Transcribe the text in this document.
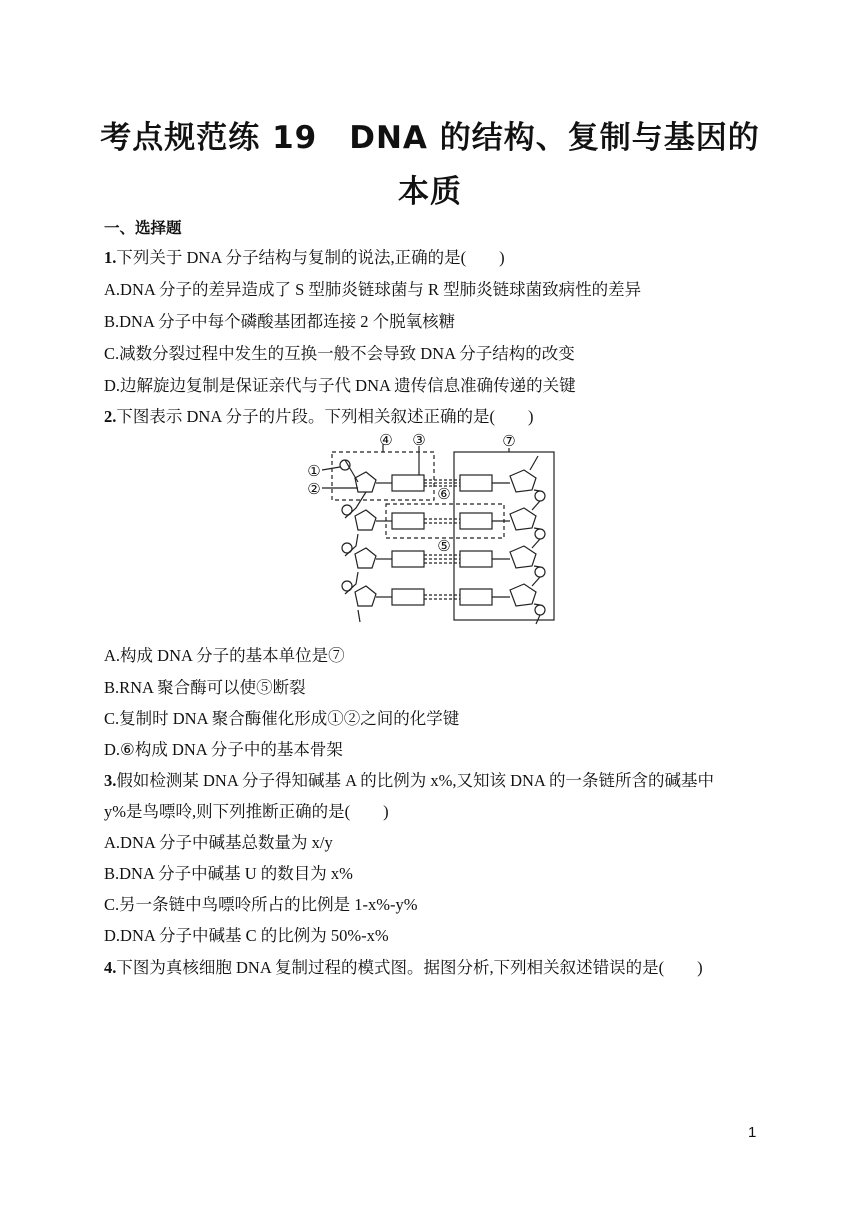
考点规范练 19　DNA 的结构、复制与基因的
本质
一、选择题
1.下列关于 DNA 分子结构与复制的说法,正确的是(　　)
A.DNA 分子的差异造成了 S 型肺炎链球菌与 R 型肺炎链球菌致病性的差异
B.DNA 分子中每个磷酸基团都连接 2 个脱氧核糖
C.减数分裂过程中发生的互换一般不会导致 DNA 分子结构的改变
D.边解旋边复制是保证亲代与子代 DNA 遗传信息准确传递的关键
2.下图表示 DNA 分子的片段。下列相关叙述正确的是(　　)
①
②
③
④
⑤
⑥
⑦
A.构成 DNA 分子的基本单位是⑦
B.RNA 聚合酶可以使⑤断裂
C.复制时 DNA 聚合酶催化形成①②之间的化学键
D.⑥构成 DNA 分子中的基本骨架
3.假如检测某 DNA 分子得知碱基 A 的比例为 x%,又知该 DNA 的一条链所含的碱基中
y%是鸟嘌呤,则下列推断正确的是(　　)
A.DNA 分子中碱基总数量为 x/y
B.DNA 分子中碱基 U 的数目为 x%
C.另一条链中鸟嘌呤所占的比例是 1-x%-y%
D.DNA 分子中碱基 C 的比例为 50%-x%
4.下图为真核细胞 DNA 复制过程的模式图。据图分析,下列相关叙述错误的是(　　)
1
